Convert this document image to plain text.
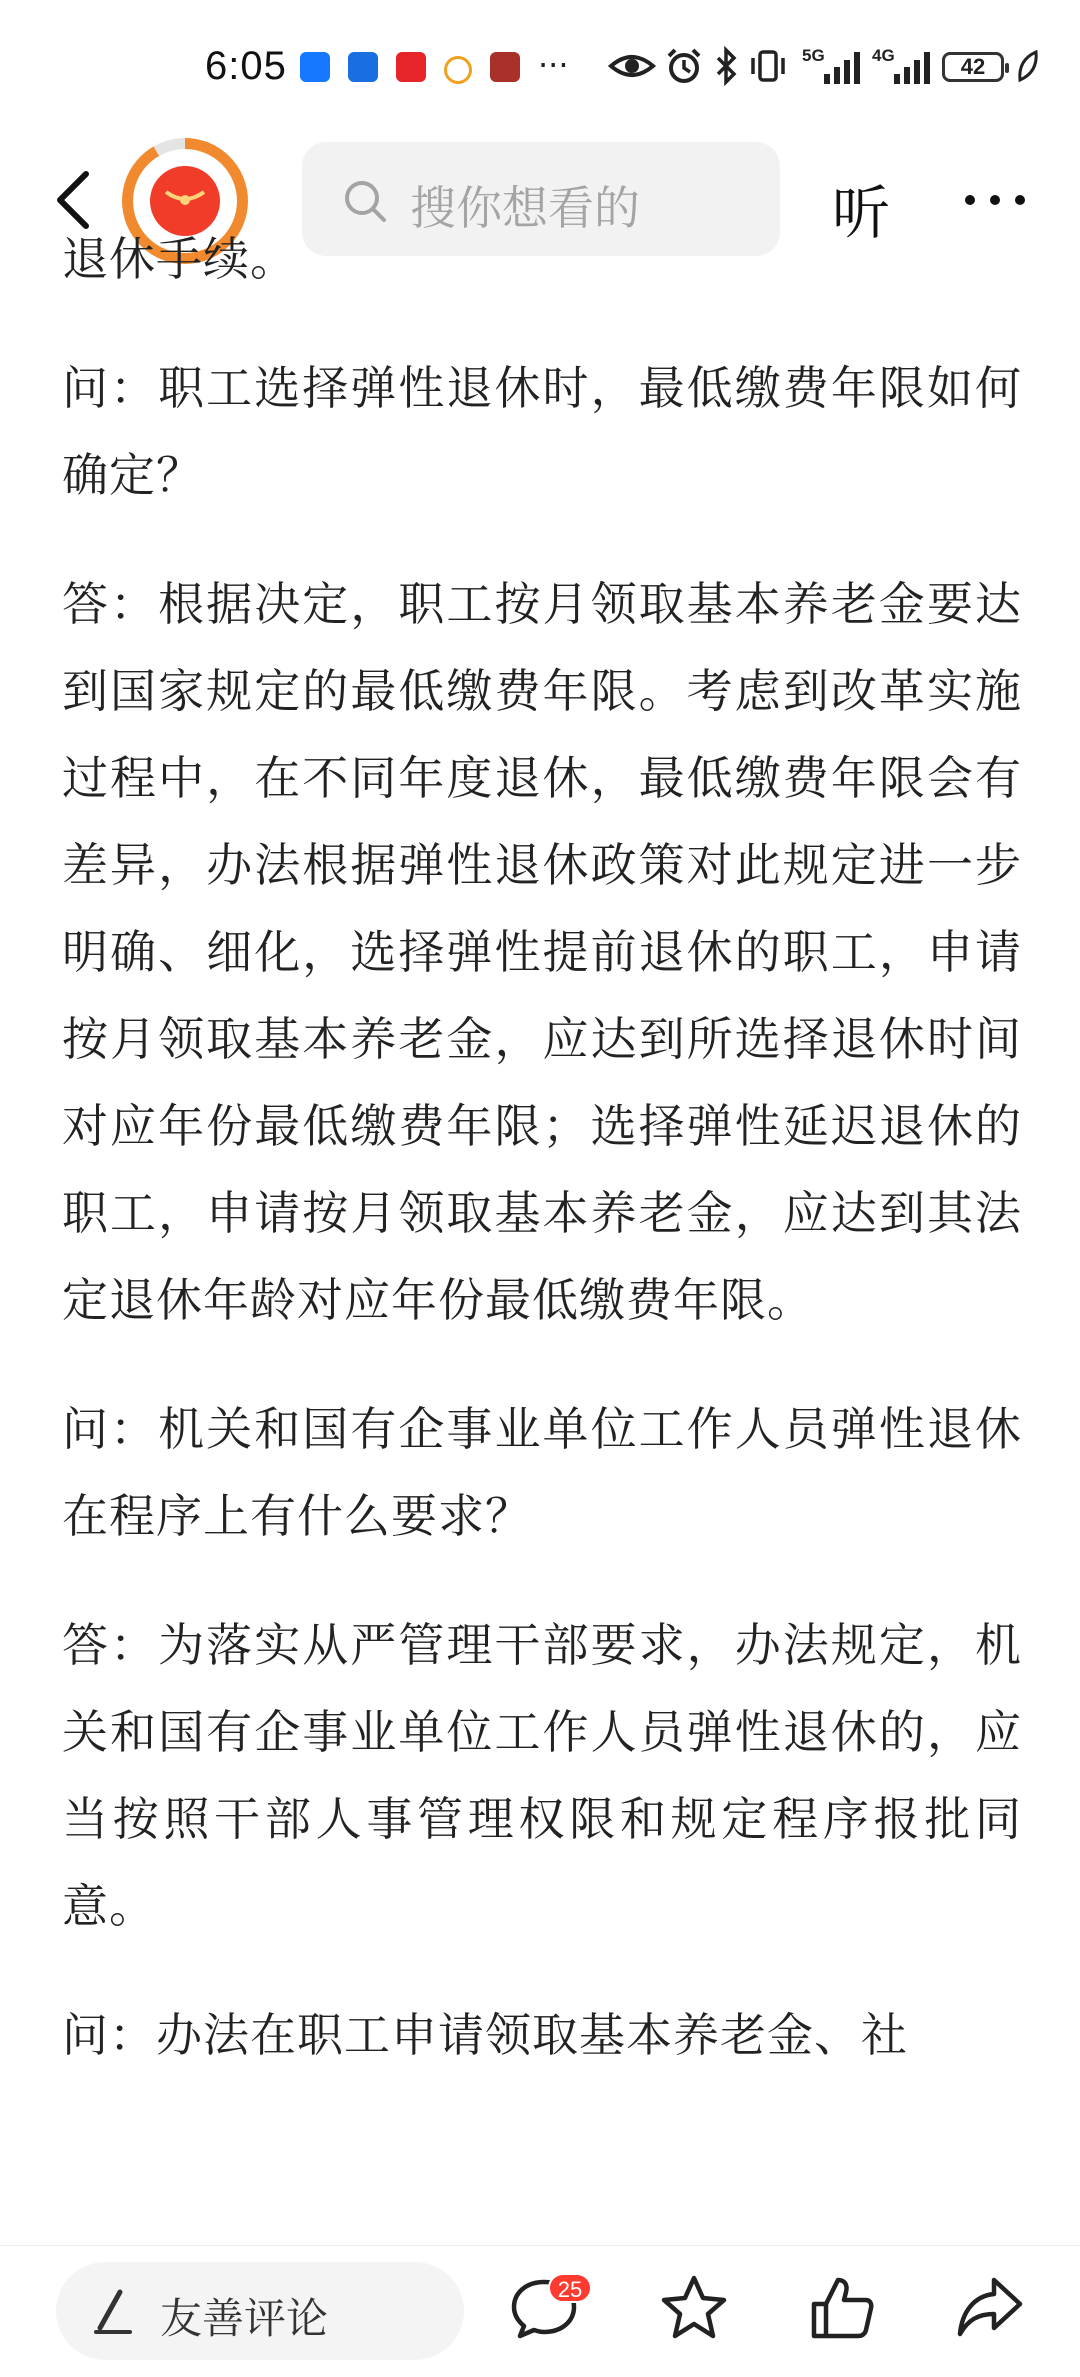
6:05	···	5G	4G	42
搜你想看的	听

退休手续。

问：职工选择弹性退休时，最低缴费年限如何确定？

答：根据决定，职工按月领取基本养老金要达到国家规定的最低缴费年限。考虑到改革实施过程中，在不同年度退休，最低缴费年限会有差异，办法根据弹性退休政策对此规定进一步明确、细化，选择弹性提前退休的职工，申请按月领取基本养老金，应达到所选择退休时间对应年份最低缴费年限；选择弹性延迟退休的职工，申请按月领取基本养老金，应达到其法定退休年龄对应年份最低缴费年限。

问：机关和国有企事业单位工作人员弹性退休在程序上有什么要求？

答：为落实从严管理干部要求，办法规定，机关和国有企事业单位工作人员弹性退休的，应当按照干部人事管理权限和规定程序报批同意。

问：办法在职工申请领取基本养老金、社

友善评论
25
